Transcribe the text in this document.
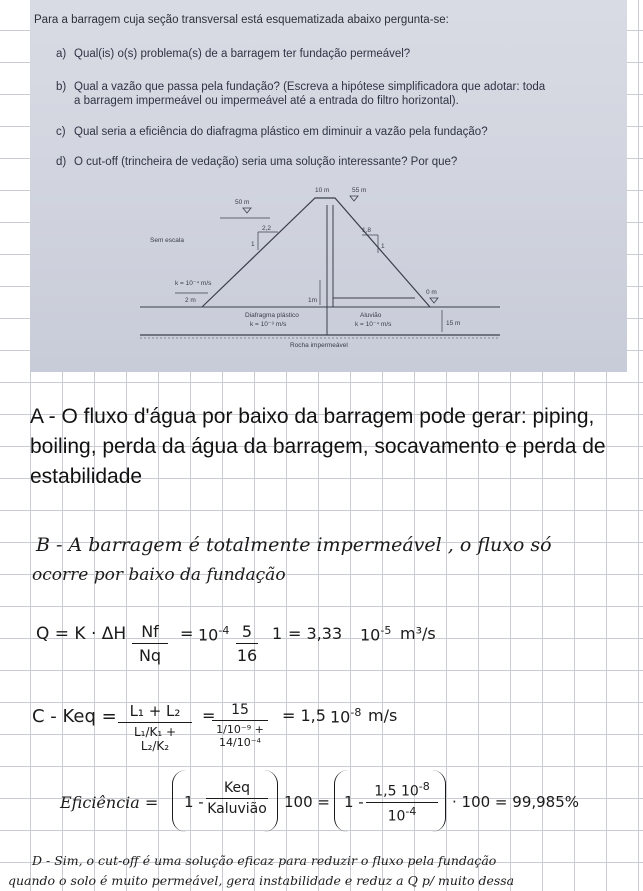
Para a barragem cuja seção transversal está esquematizada abaixo pergunta-se:
a) Qual(is) o(s) problema(s) de a barragem ter fundação permeável?
b) Qual a vazão que passa pela fundação? (Escreva a hipótese simplificadora que adotar: toda
a barragem impermeável ou impermeável até a entrada do filtro horizontal).
c) Qual seria a eficiência do diafragma plástico em diminuir a vazão pela fundação?
d) O cut-off (trincheira de vedação) seria uma solução interessante? Por que?
Sem escala
50 m
10 m	55 m
2,2
1
1,8
1
k = 10⁻⁴ m/s
2 m	1m
0 m
15 m
Diafragma plástico
k = 10⁻⁹ m/s
Aluvião
k = 10⁻⁴ m/s
Rocha impermeável
A - O fluxo d'água por baixo da barragem pode gerar: piping, boiling, perda da água da barragem, socavamento e perda de estabilidade
B - A barragem é totalmente impermeável , o fluxo só
ocorre por baixo da fundação
Q = K · ΔH Nf
Nq
= $10^{-4}$ 5
16
1 = 3,33 $10^{-5}$ m³/s
C - Keq = L₁ + L₂
L₁/K₁ + L₂/K₂
=	15
1/10⁻⁹ + 14/10⁻⁴
= 1,5 $10^{-8}$ m/s
Eficiência = 1 -
Keq
Kaluvião 100 = 1 -
1,5 $10^{-8}$
$10^{-4}$
· 100 = 99,985%
D - Sim, o cut-off é uma solução eficaz para reduzir o fluxo pela fundação
quando o solo é muito permeável, gera instabilidade e reduz a Q p/ muito dessa
